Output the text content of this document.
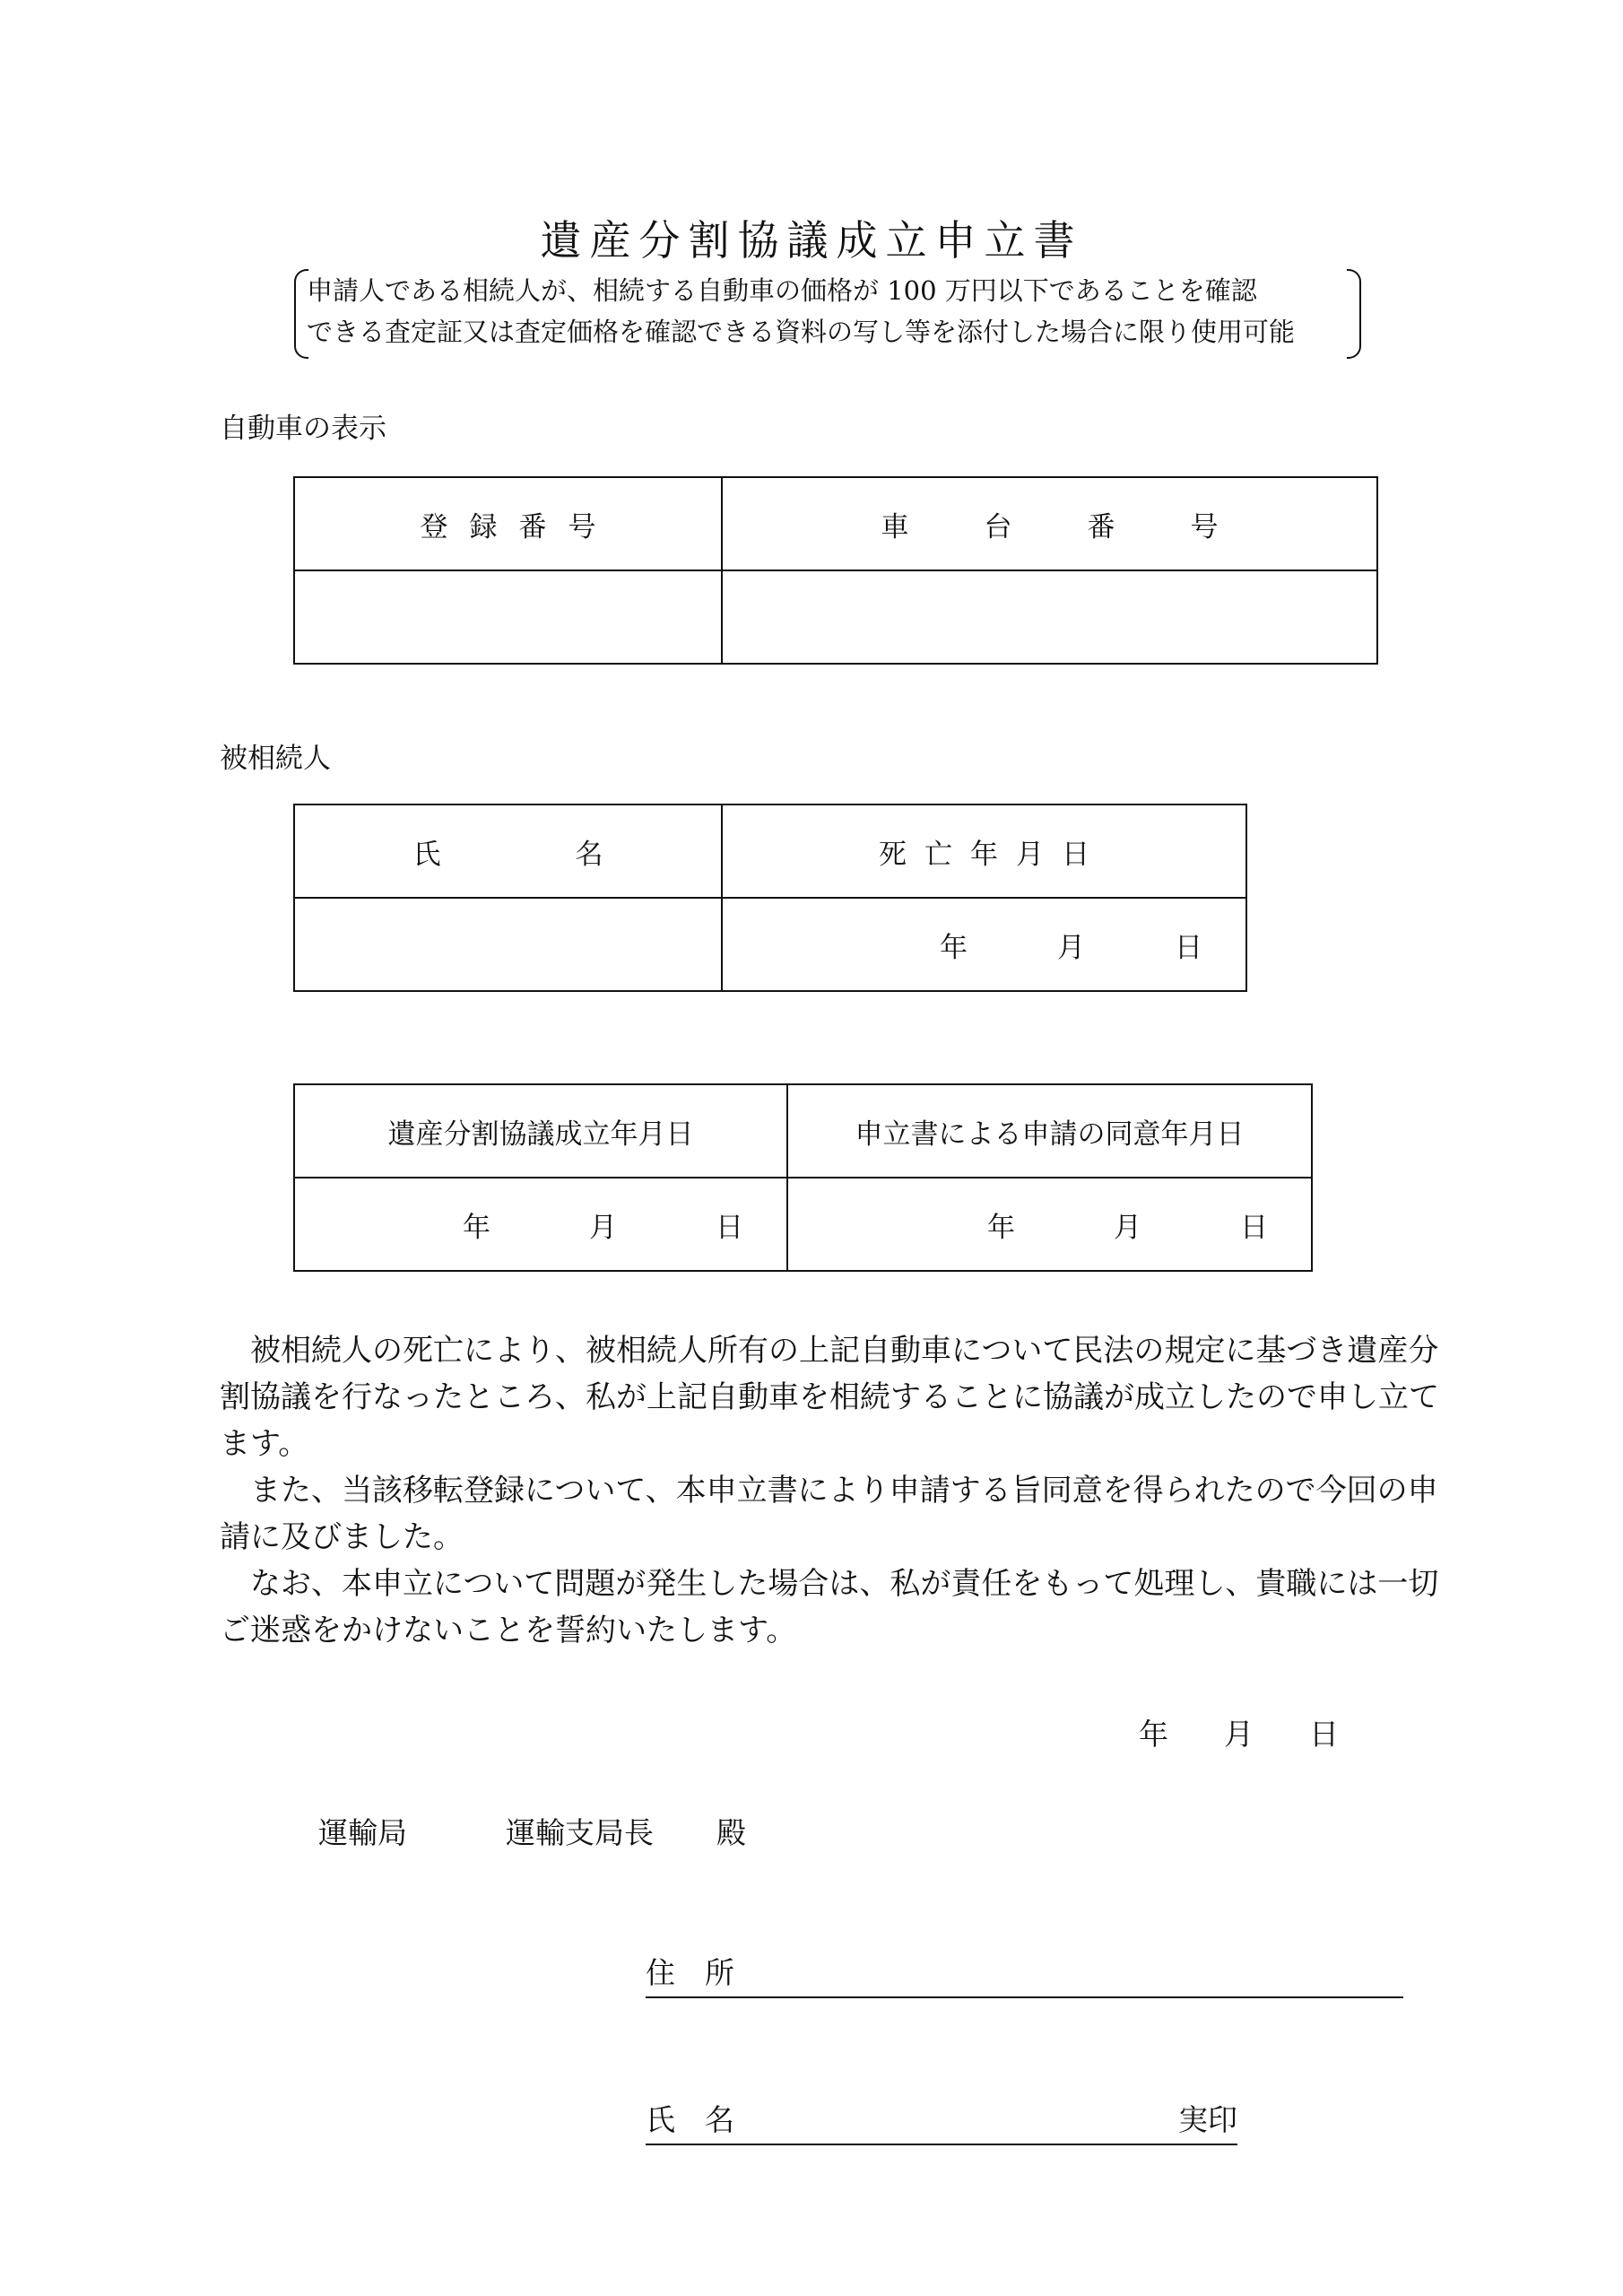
遺産分割協議成立申立書
申請人である相続人が、相続する自動車の価格が 100 万円以下であることを確認
できる査定証又は査定価格を確認できる資料の写し等を添付した場合に限り使用可能
自動車の表示
登 録 番 号	車 台 番 号

被相続人
氏 名	死 亡 年 月 日
	年 月 日
遺産分割協議成立年月日	申立書による申請の同意年月日
年 月 日	年 月 日

被相続人の死亡により、被相続人所有の上記自動車について民法の規定に基づき遺産分割協議を行なったところ、私が上記自動車を相続することに協議が成立したので申し立てます。

また、当該移転登録について、本申立書により申請する旨同意を得られたので今回の申請に及びました。

なお、本申立について問題が発生した場合は、私が責任をもって処理し、貴職には一切ご迷惑をかけないことを誓約いたします。

年 月 日
運輸局	運輸支局長 殿
住　所
氏　名	実印
